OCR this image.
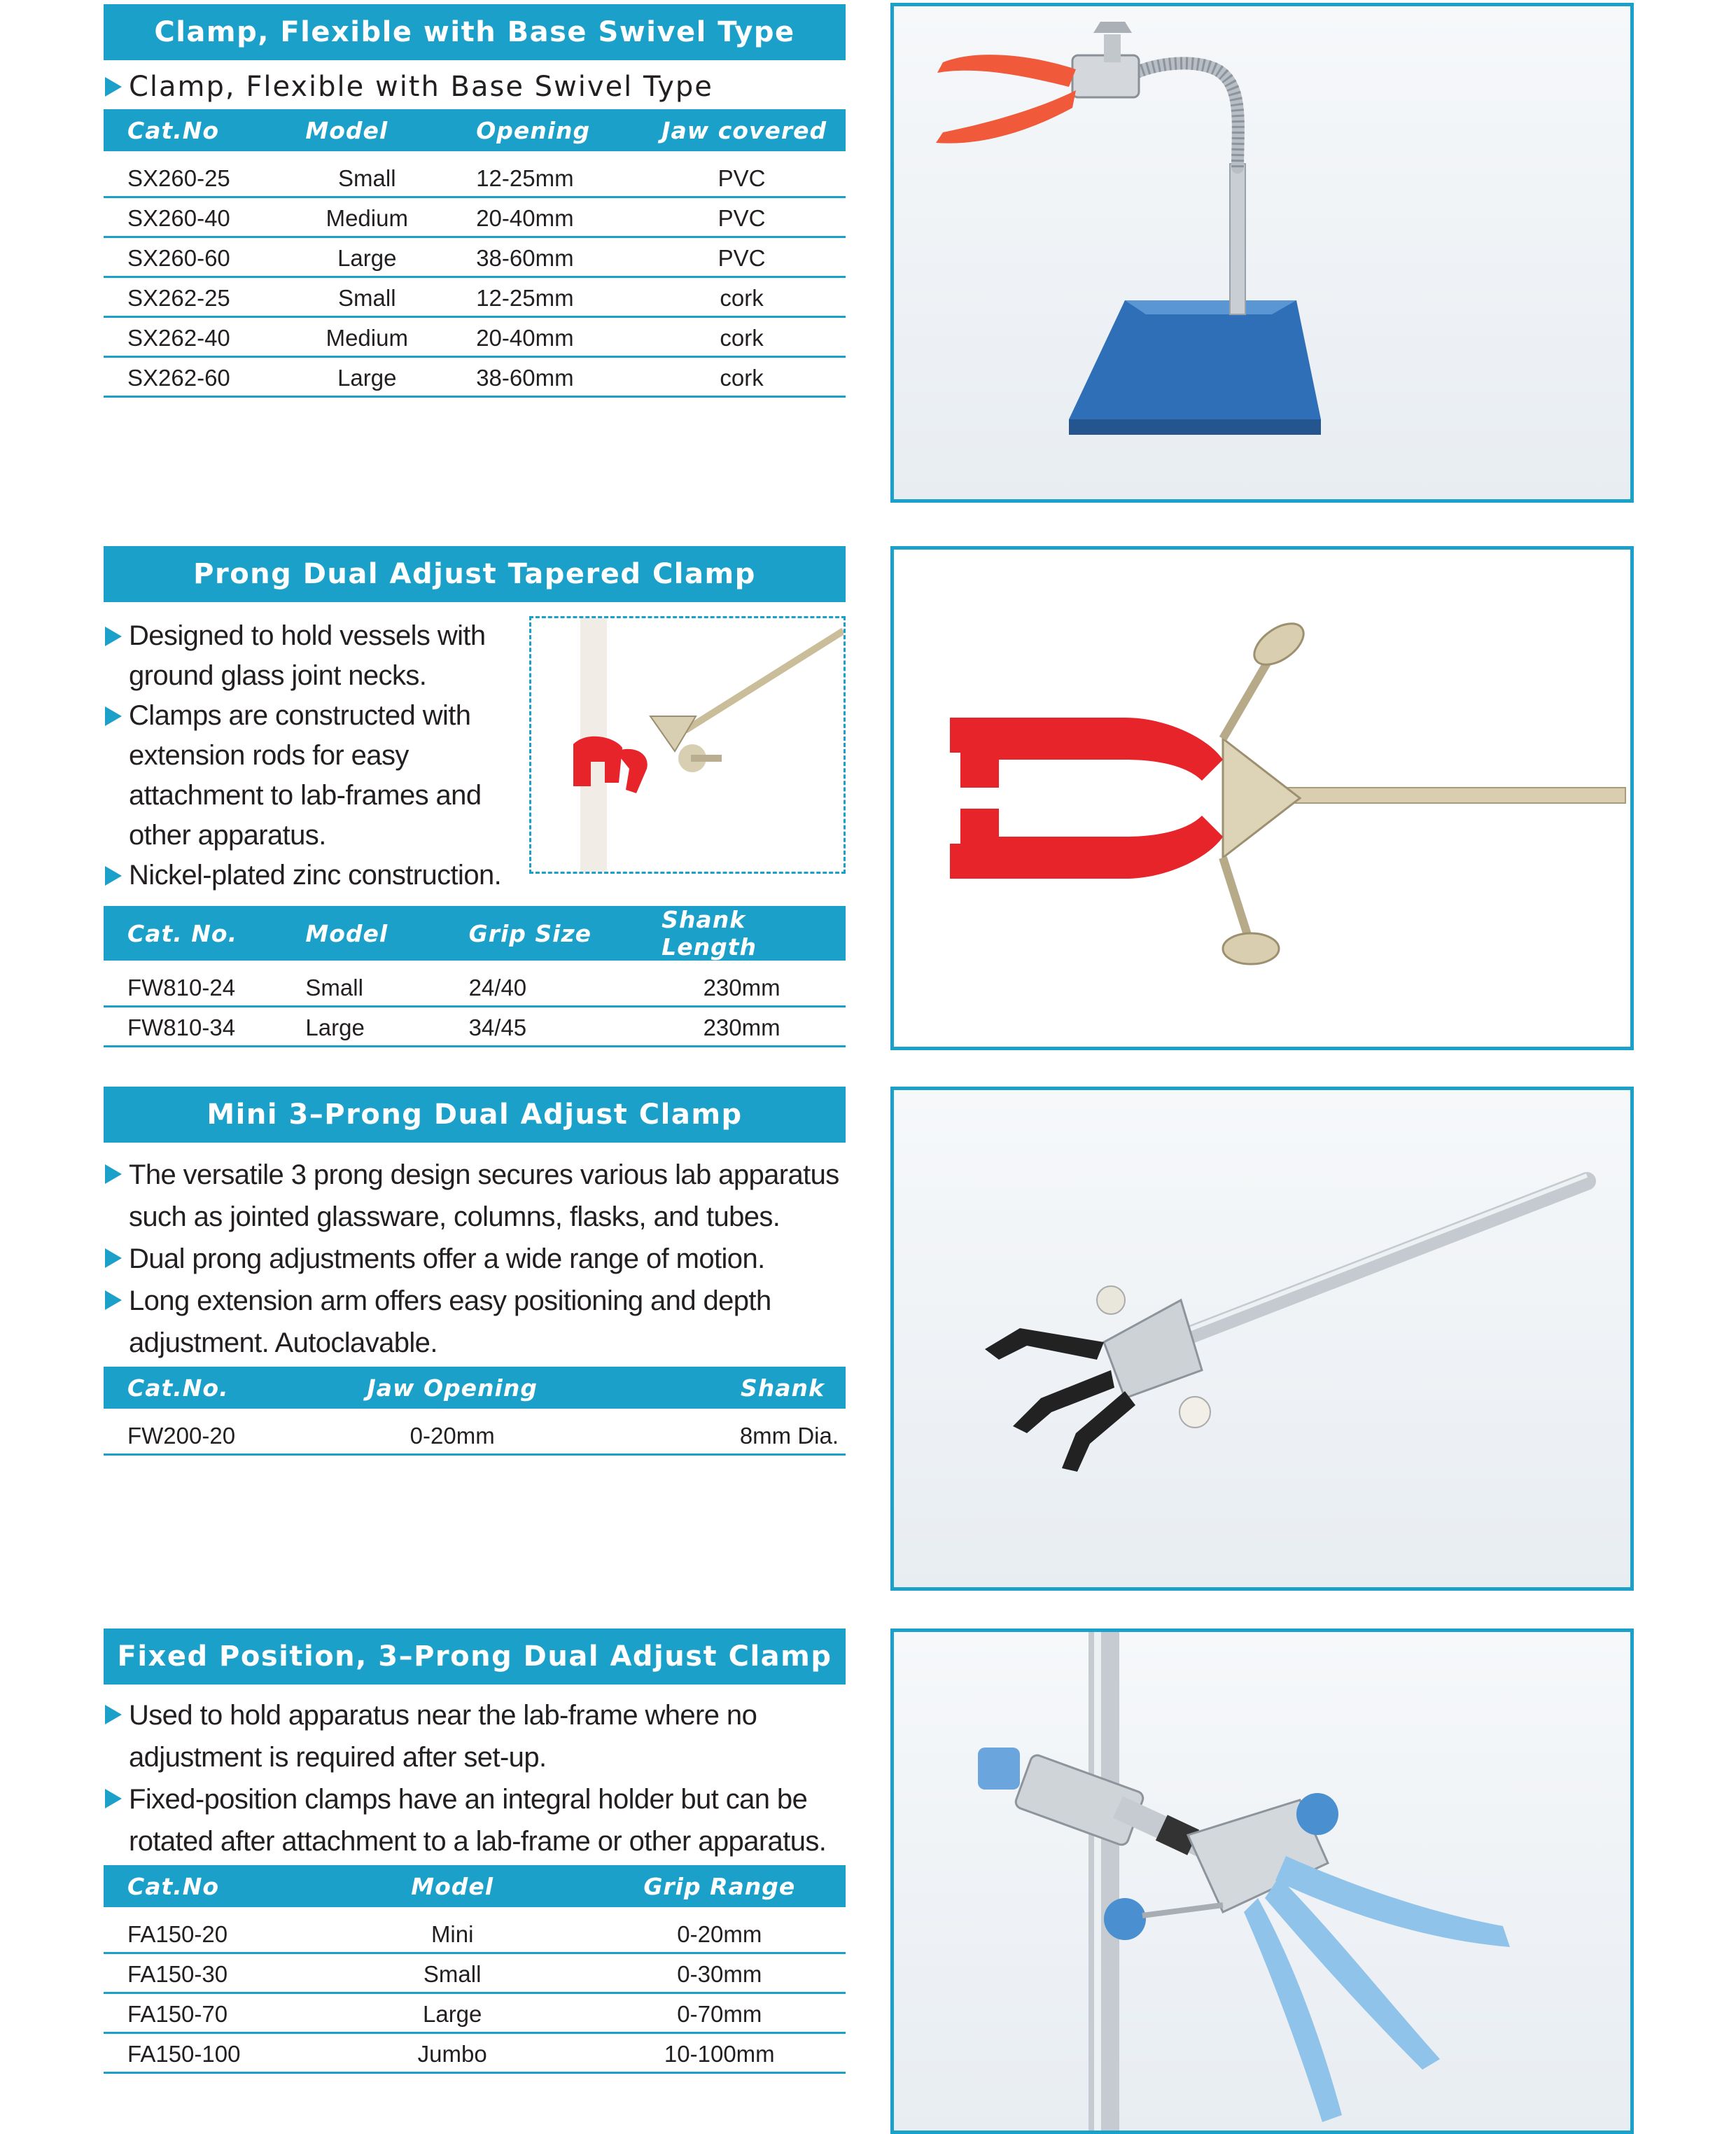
Clamp, Flexible with Base Swivel Type
Clamp, Flexible with Base Swivel Type
Cat.No	Model	Opening	Jaw covered

SX260-25	Small	12-25mm	PVC
SX260-40	Medium	20-40mm	PVC
SX260-60	Large	38-60mm	PVC
SX262-25	Small	12-25mm	cork
SX262-40	Medium	20-40mm	cork
SX262-60	Large	38-60mm	cork
Prong Dual Adjust Tapered Clamp
Designed to hold vessels with ground glass joint necks.
Clamps are constructed with extension rods for easy attachment to lab-frames and other apparatus.
Nickel-plated zinc construction.
Cat. No.	Model	Grip Size	Shank Length

FW810-24	Small	24/40	230mm
FW810-34	Large	34/45	230mm
Mini 3–Prong Dual Adjust Clamp
The versatile 3 prong design secures various lab apparatus such as jointed glassware, columns, flasks, and tubes.
Dual prong adjustments offer a wide range of motion.
Long extension arm offers easy positioning and depth adjustment. Autoclavable.
Cat.No.	Jaw Opening	Shank

FW200-20	0-20mm	8mm Dia.
Fixed Position, 3–Prong Dual Adjust Clamp
Used to hold apparatus near the lab-frame where no adjustment is required after set-up.
Fixed-position clamps have an integral holder but can be rotated after attachment to a lab-frame or other apparatus.
Cat.No	Model	Grip Range

FA150-20	Mini	0-20mm
FA150-30	Small	0-30mm
FA150-70	Large	0-70mm
FA150-100	Jumbo	10-100mm
